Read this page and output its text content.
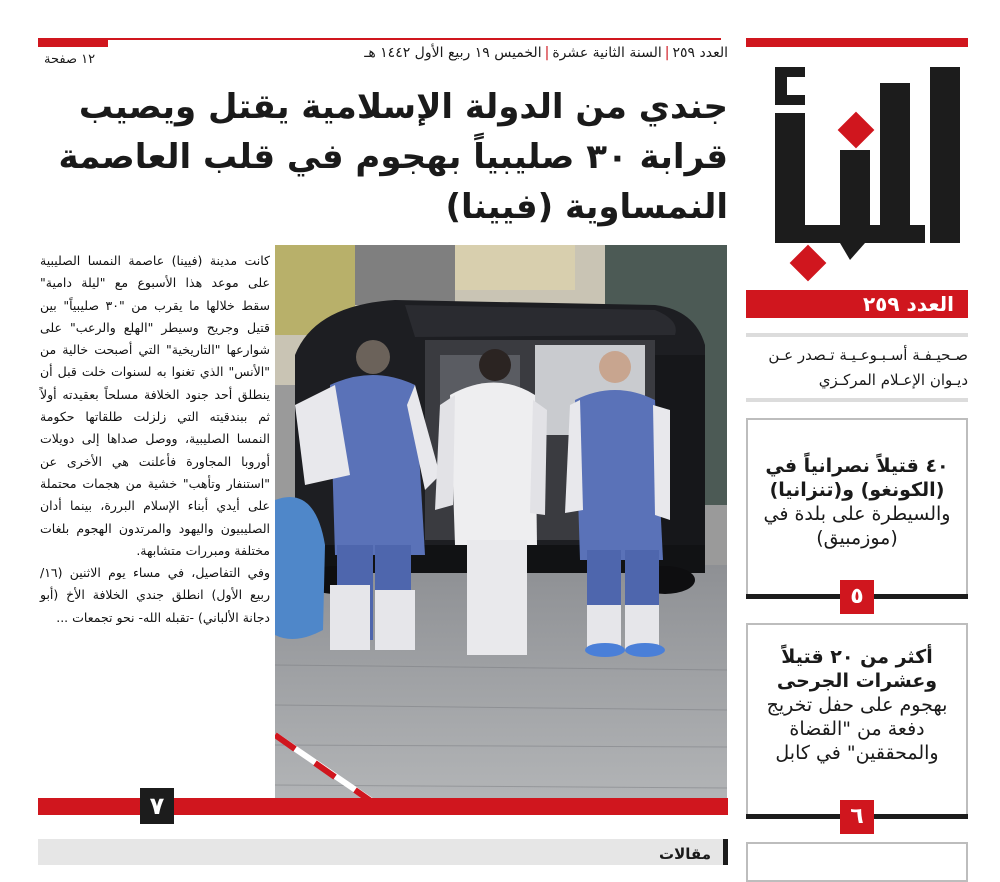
العدد ٢٥٩|السنة الثانية عشرة|الخميس ١٩ ربيع الأول ١٤٤٢ هـ
١٢ صفحة
جندي من الدولة الإسلامية يقتل ويصيب قرابة ٣٠ صليبياً بهجوم في قلب العاصمة النمساوية (فيينا)

كانت مدينة (فيينا) عاصمة النمسا الصليبية على موعد هذا الأسبوع مع "ليلة دامية" سقط خلالها ما يقرب من "٣٠ صليبياً" بين قتيل وجريح وسيطر "الهلع والرعب" على شوارعها "التاريخية" التي أصبحت خالية من "الأنس" الذي تغنوا به لسنوات خلت قبل أن ينطلق أحد جنود الخلافة مسلحاً بعقيدته أولاً ثم ببندقيته التي زلزلت طلقاتها حكومة النمسا الصليبية، ووصل صداها إلى دويلات أوروبا المجاورة فأعلنت هي الأخرى عن "استنفار وتأهب" خشية من هجمات محتملة على أيدي أبناء الإسلام البررة، بينما أدان الصليبيون واليهود والمرتدون الهجوم بلغات مختلفة ومبررات متشابهة.

وفي التفاصيل، في مساء يوم الاثنين (١٦/ ربيع الأول) انطلق جندي الخلافة الأخ (أبو دجانة الألباني) -تقبله الله- نحو تجمعات ...

٧
مقالات
العدد ٢٥٩
صـحيـفـة أسـبـوعـيـة تـصدر عـن ديـوان الإعـلام المركـزي
٤٠ قتيلاً نصرانياً في (الكونغو) و(تنزانيا)
والسيطرة على بلدة في (موزمبيق)
٥
أكثر من ٢٠ قتيلاً وعشرات الجرحى
بهجوم على حفل تخريج دفعة من "القضاة والمحققين" في كابل
٦
